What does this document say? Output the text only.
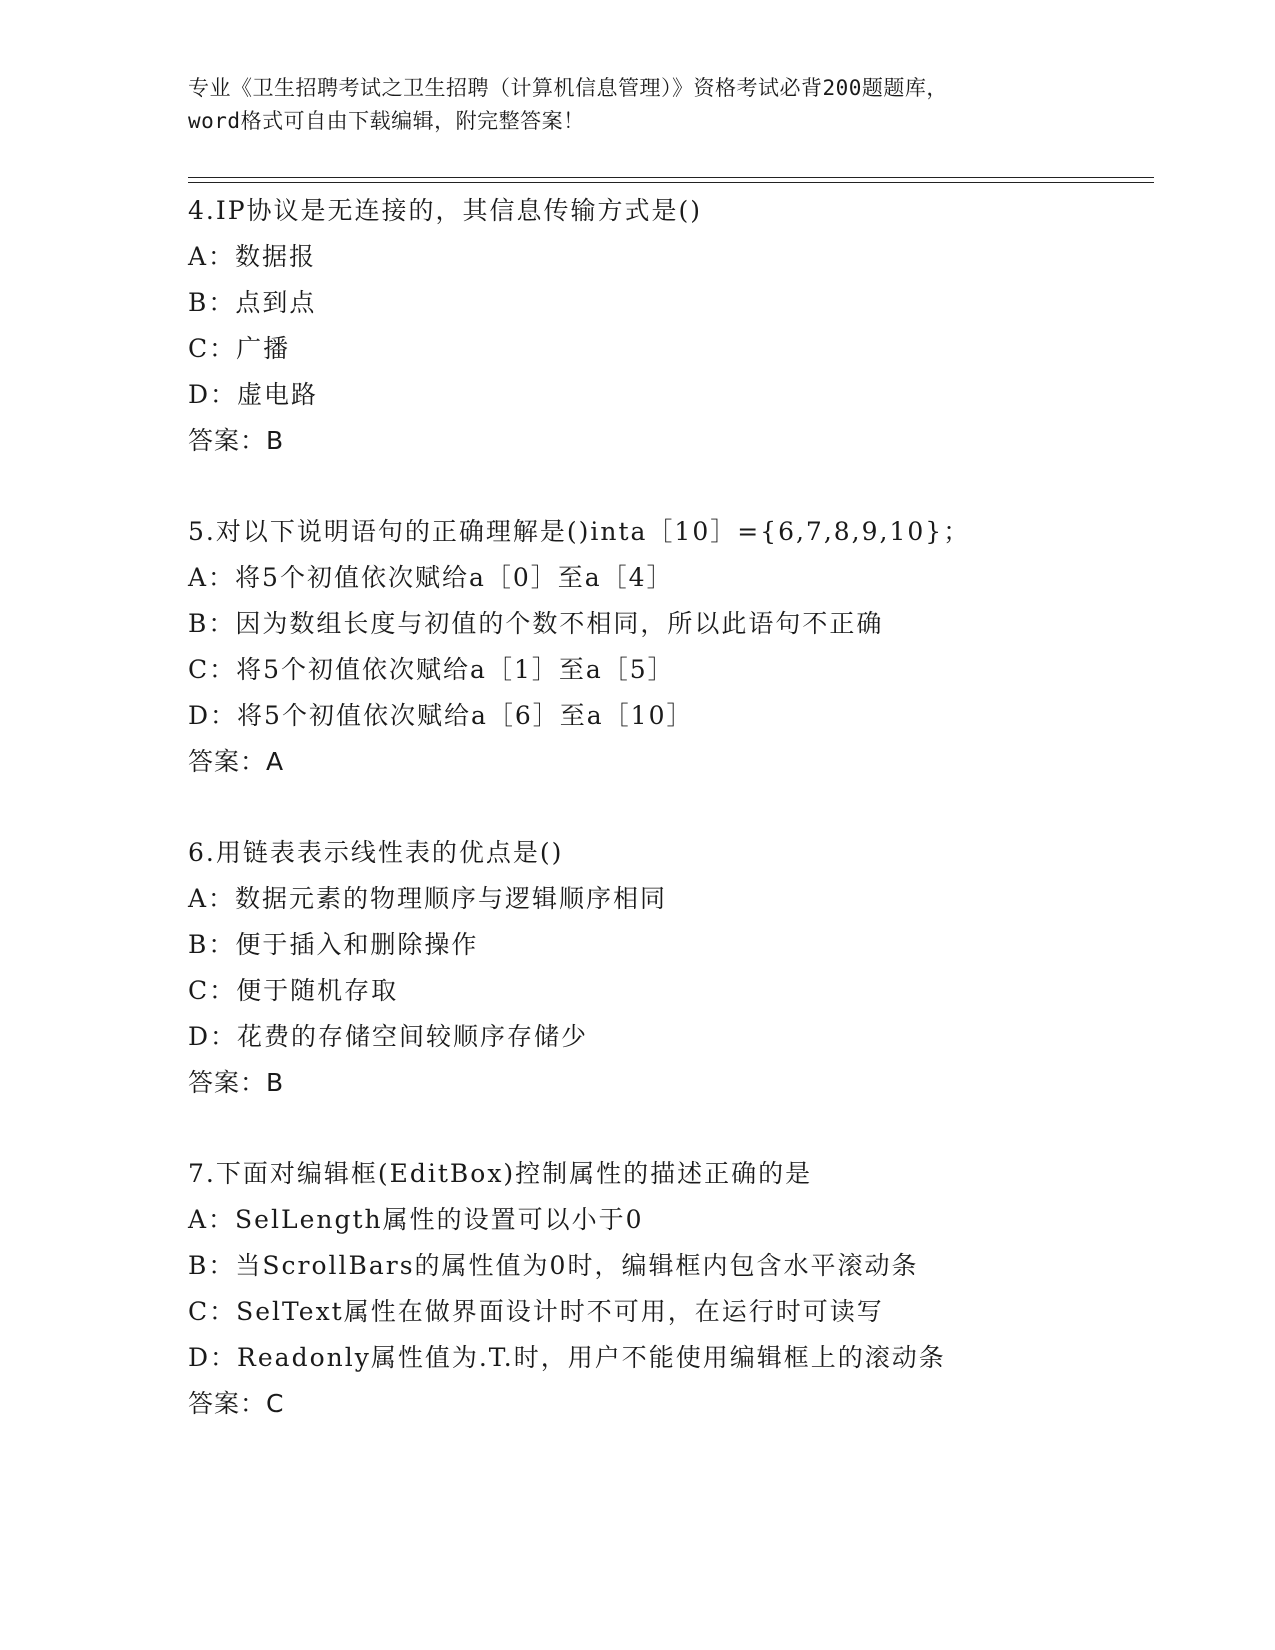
专业《卫生招聘考试之卫生招聘（计算机信息管理）》资格考试必背200题题库，
word格式可自由下载编辑，附完整答案！
4.IP协议是无连接的，其信息传输方式是()
A：数据报
B：点到点
C：广播
D：虚电路
答案：B
5.对以下说明语句的正确理解是()inta［10］={6,7,8,9,10}；
A：将5个初值依次赋给a［0］至a［4］
B：因为数组长度与初值的个数不相同，所以此语句不正确
C：将5个初值依次赋给a［1］至a［5］
D：将5个初值依次赋给a［6］至a［10］
答案：A
6.用链表表示线性表的优点是()
A：数据元素的物理顺序与逻辑顺序相同
B：便于插入和删除操作
C：便于随机存取
D：花费的存储空间较顺序存储少
答案：B
7.下面对编辑框(EditBox)控制属性的描述正确的是
A：SelLength属性的设置可以小于0
B：当ScrollBars的属性值为0时，编辑框内包含水平滚动条
C：SelText属性在做界面设计时不可用，在运行时可读写
D：Readonly属性值为.T.时，用户不能使用编辑框上的滚动条
答案：C
